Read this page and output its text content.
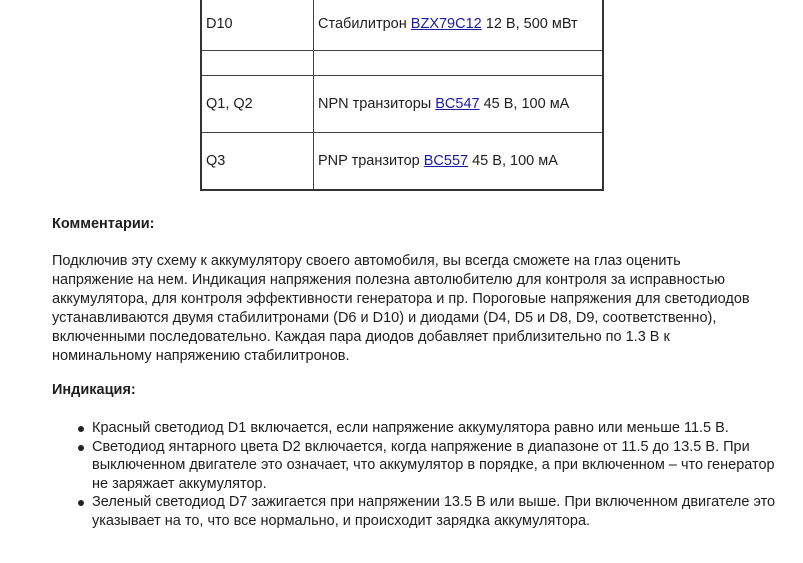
D10	Стабилитрон BZX79C12 12 В, 500 мВт

Q1, Q2	NPN транзиторы BC547 45 В, 100 мА
Q3	PNP транзитор BC557 45 В, 100 мА

Комментарии:

Подключив эту схему к аккумулятору своего автомобиля, вы всегда сможете на глаз оценить напряжение на нем. Индикация напряжения полезна автолюбителю для контроля за исправностью аккумулятора, для контроля эффективности генератора и пр. Пороговые напряжения для светодиодов устанавливаются двумя стабилитронами (D6 и D10) и диодами (D4, D5 и D8, D9, соответственно), включенными последовательно. Каждая пара диодов добавляет приблизительно по 1.3 В к номинальному напряжению стабилитронов.

Индикация:

Красный светодиод D1 включается, если напряжение аккумулятора равно или меньше 11.5 В.
Светодиод янтарного цвета D2 включается, когда напряжение в диапазоне от 11.5 до 13.5 В. При выключенном двигателе это означает, что аккумулятор в порядке, а при включенном – что генератор не заряжает аккумулятор.
Зеленый светодиод D7 зажигается при напряжении 13.5 В или выше. При включенном двигателе это указывает на то, что все нормально, и происходит зарядка аккумулятора.
